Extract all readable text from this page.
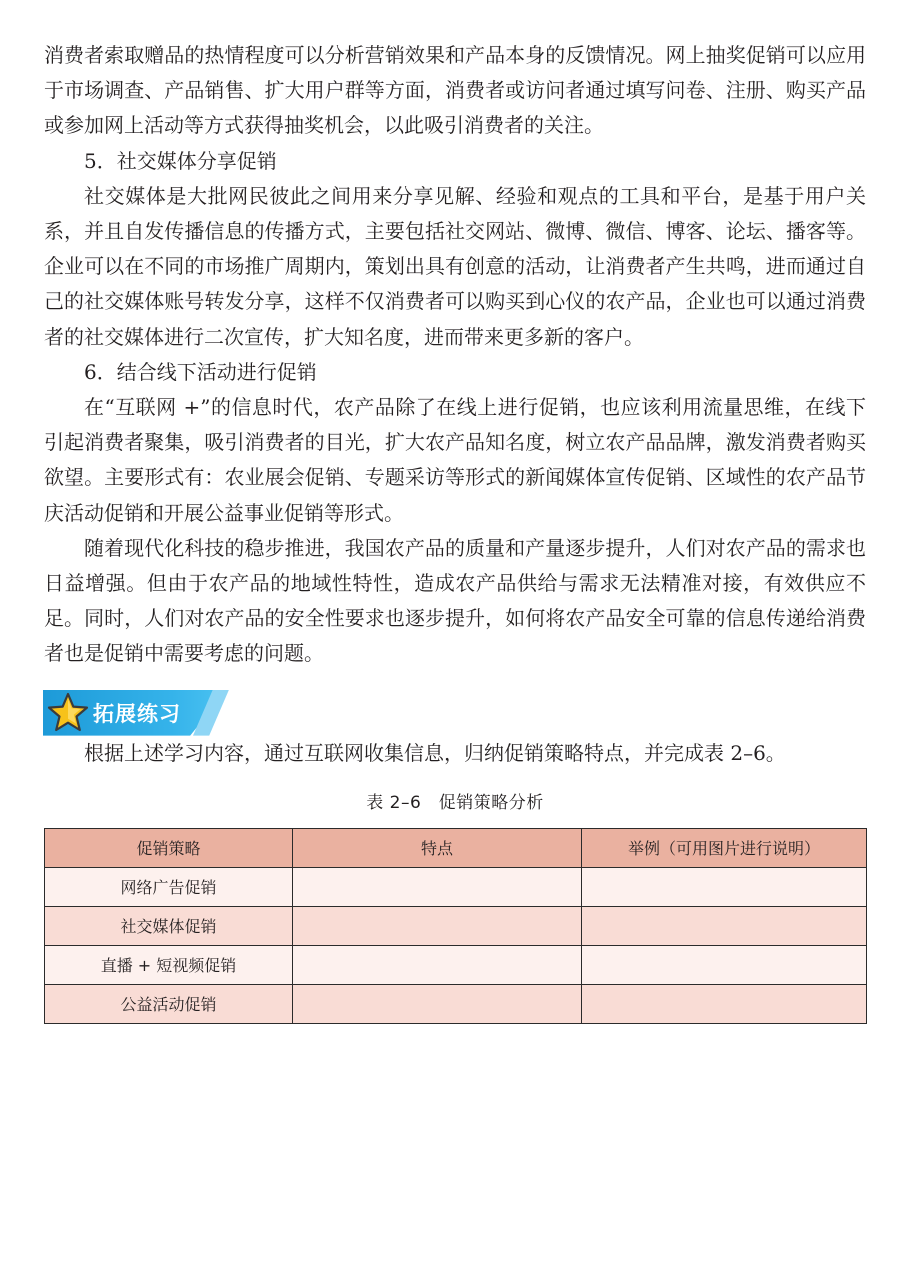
消费者索取赠品的热情程度可以分析营销效果和产品本身的反馈情况。网上抽奖促销可以应用于市场调查、产品销售、扩大用户群等方面，消费者或访问者通过填写问卷、注册、购买产品或参加网上活动等方式获得抽奖机会，以此吸引消费者的关注。

5．社交媒体分享促销

社交媒体是大批网民彼此之间用来分享见解、经验和观点的工具和平台，是基于用户关系，并且自发传播信息的传播方式，主要包括社交网站、微博、微信、博客、论坛、播客等。企业可以在不同的市场推广周期内，策划出具有创意的活动，让消费者产生共鸣，进而通过自己的社交媒体账号转发分享，这样不仅消费者可以购买到心仪的农产品，企业也可以通过消费者的社交媒体进行二次宣传，扩大知名度，进而带来更多新的客户。

6．结合线下活动进行促销

在“互联网 +”的信息时代，农产品除了在线上进行促销，也应该利用流量思维，在线下引起消费者聚集，吸引消费者的目光，扩大农产品知名度，树立农产品品牌，激发消费者购买欲望。主要形式有：农业展会促销、专题采访等形式的新闻媒体宣传促销、区域性的农产品节庆活动促销和开展公益事业促销等形式。

随着现代化科技的稳步推进，我国农产品的质量和产量逐步提升，人们对农产品的需求也日益增强。但由于农产品的地域性特性，造成农产品供给与需求无法精准对接，有效供应不足。同时，人们对农产品的安全性要求也逐步提升，如何将农产品安全可靠的信息传递给消费者也是促销中需要考虑的问题。

拓展练习

根据上述学习内容，通过互联网收集信息，归纳促销策略特点，并完成表 2–6。

表 2–6　促销策略分析
促销策略	特点	举例（可用图片进行说明）
网络广告促销		
社交媒体促销		
直播 + 短视频促销		
公益活动促销		
